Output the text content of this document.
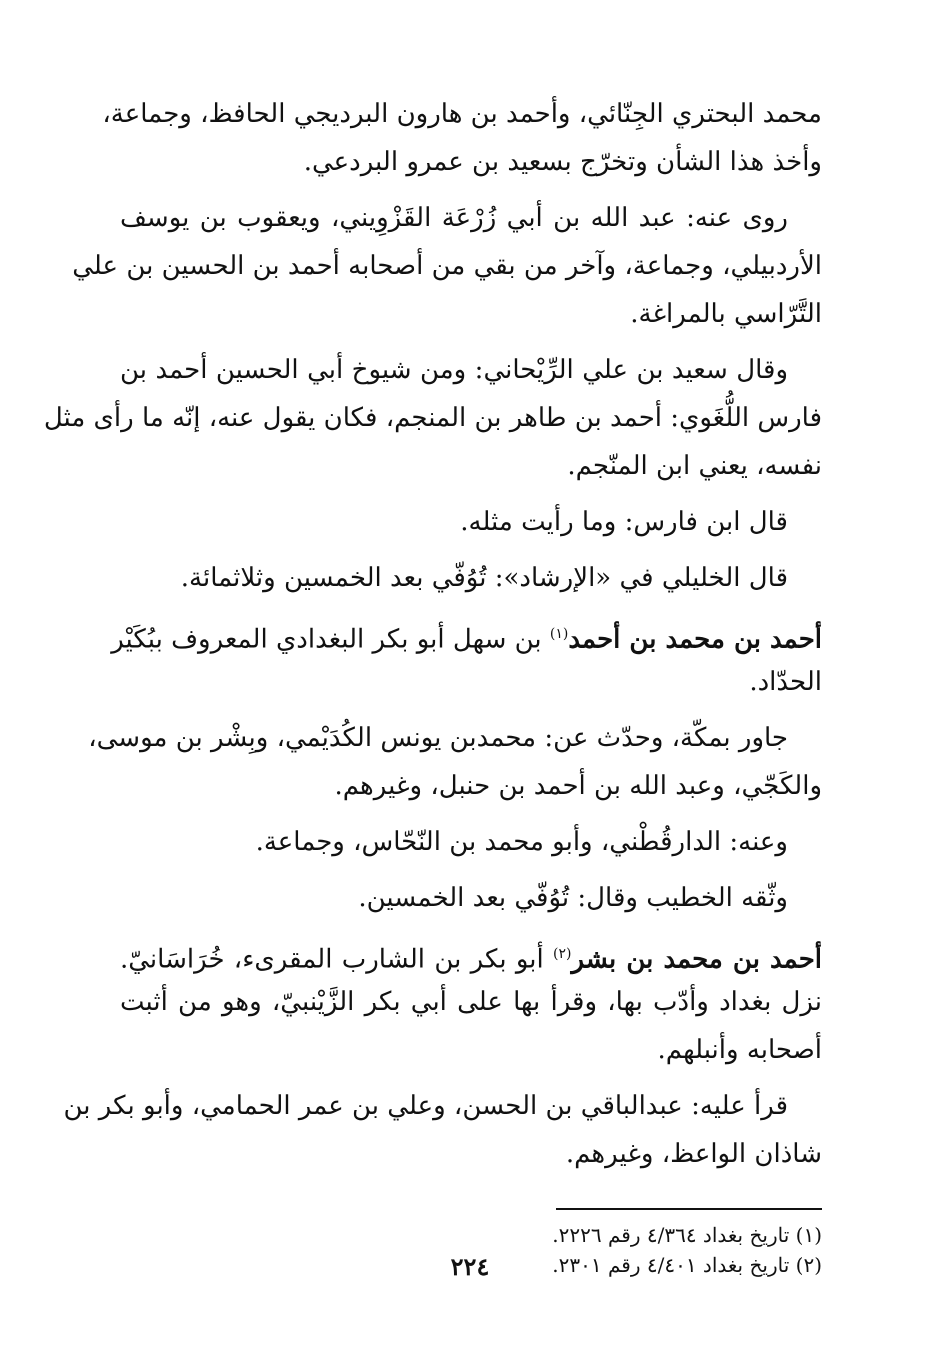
محمد البحتري الجِنّائي، وأحمد بن هارون البرديجي الحافظ، وجماعة،
وأخذ هذا الشأن وتخرّج بسعيد بن عمرو البردعي.
روى عنه: عبد الله بن أبي زُرْعَة القَزْوِيني، ويعقوب بن يوسف
الأردبيلي، وجماعة، وآخر من بقي من أصحابه أحمد بن الحسين بن علي
التَّرّاسي بالمراغة.
وقال سعيد بن علي الرِّيْحاني: ومن شيوخ أبي الحسين أحمد بن
فارس اللُّغَوي: أحمد بن طاهر بن المنجم، فكان يقول عنه، إنّه ما رأى مثل
نفسه، يعني ابن المنّجم.
قال ابن فارس: وما رأيت مثله.
قال الخليلي في «الإرشاد»: تُوُفّي بعد الخمسين وثلاثمائة.
أحمد بن محمد بن أحمد$^{(١)}$ بن سهل أبو بكر البغدادي المعروف ببُكَيْر
الحدّاد.
جاور بمكّة، وحدّث عن: محمدبن يونس الكُدَيْمي، وبِشْر بن موسى،
والكَجّي، وعبد الله بن أحمد بن حنبل، وغيرهم.
وعنه: الدارقُطْني، وأبو محمد بن النّحّاس، وجماعة.
وثّقه الخطيب وقال: تُوُفّي بعد الخمسين.
أحمد بن محمد بن بشر$^{(٢)}$ أبو بكر بن الشارب المقرىء، خُرَاسَانيّ.
نزل بغداد وأدّب بها، وقرأ بها على أبي بكر الزَّيْنبيّ، وهو من أثبت
أصحابه وأنبلهم.
قرأ عليه: عبدالباقي بن الحسن، وعلي بن عمر الحمامي، وأبو بكر بن
شاذان الواعظ، وغيرهم.
(١) تاريخ بغداد ٤/٣٦٤ رقم ٢٢٢٦.
(٢) تاريخ بغداد ٤/٤٠١ رقم ٢٣٠١.
٢٢٤
